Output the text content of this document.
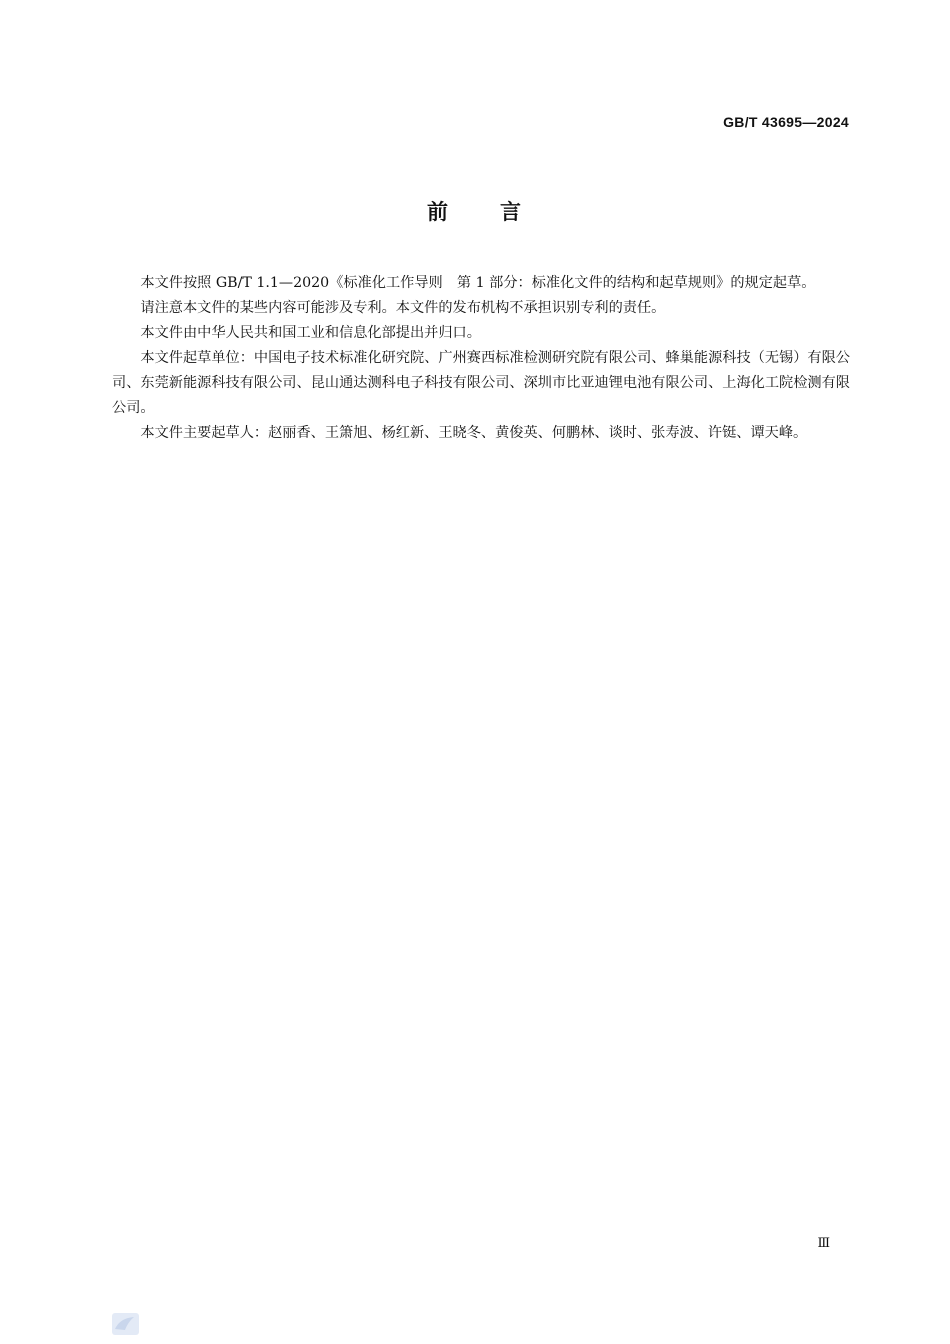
GB/T 43695—2024
前 言

本文件按照 GB/T 1.1—2020《标准化工作导则　第 1 部分：标准化文件的结构和起草规则》的规定起草。

请注意本文件的某些内容可能涉及专利。本文件的发布机构不承担识别专利的责任。

本文件由中华人民共和国工业和信息化部提出并归口。

本文件起草单位：中国电子技术标准化研究院、广州赛西标准检测研究院有限公司、蜂巢能源科技（无锡）有限公司、东莞新能源科技有限公司、昆山通达测科电子科技有限公司、深圳市比亚迪锂电池有限公司、上海化工院检测有限公司。

本文件主要起草人：赵丽香、王箫旭、杨红新、王晓冬、黄俊英、何鹏林、谈时、张寿波、许铤、谭天峰。

Ⅲ
